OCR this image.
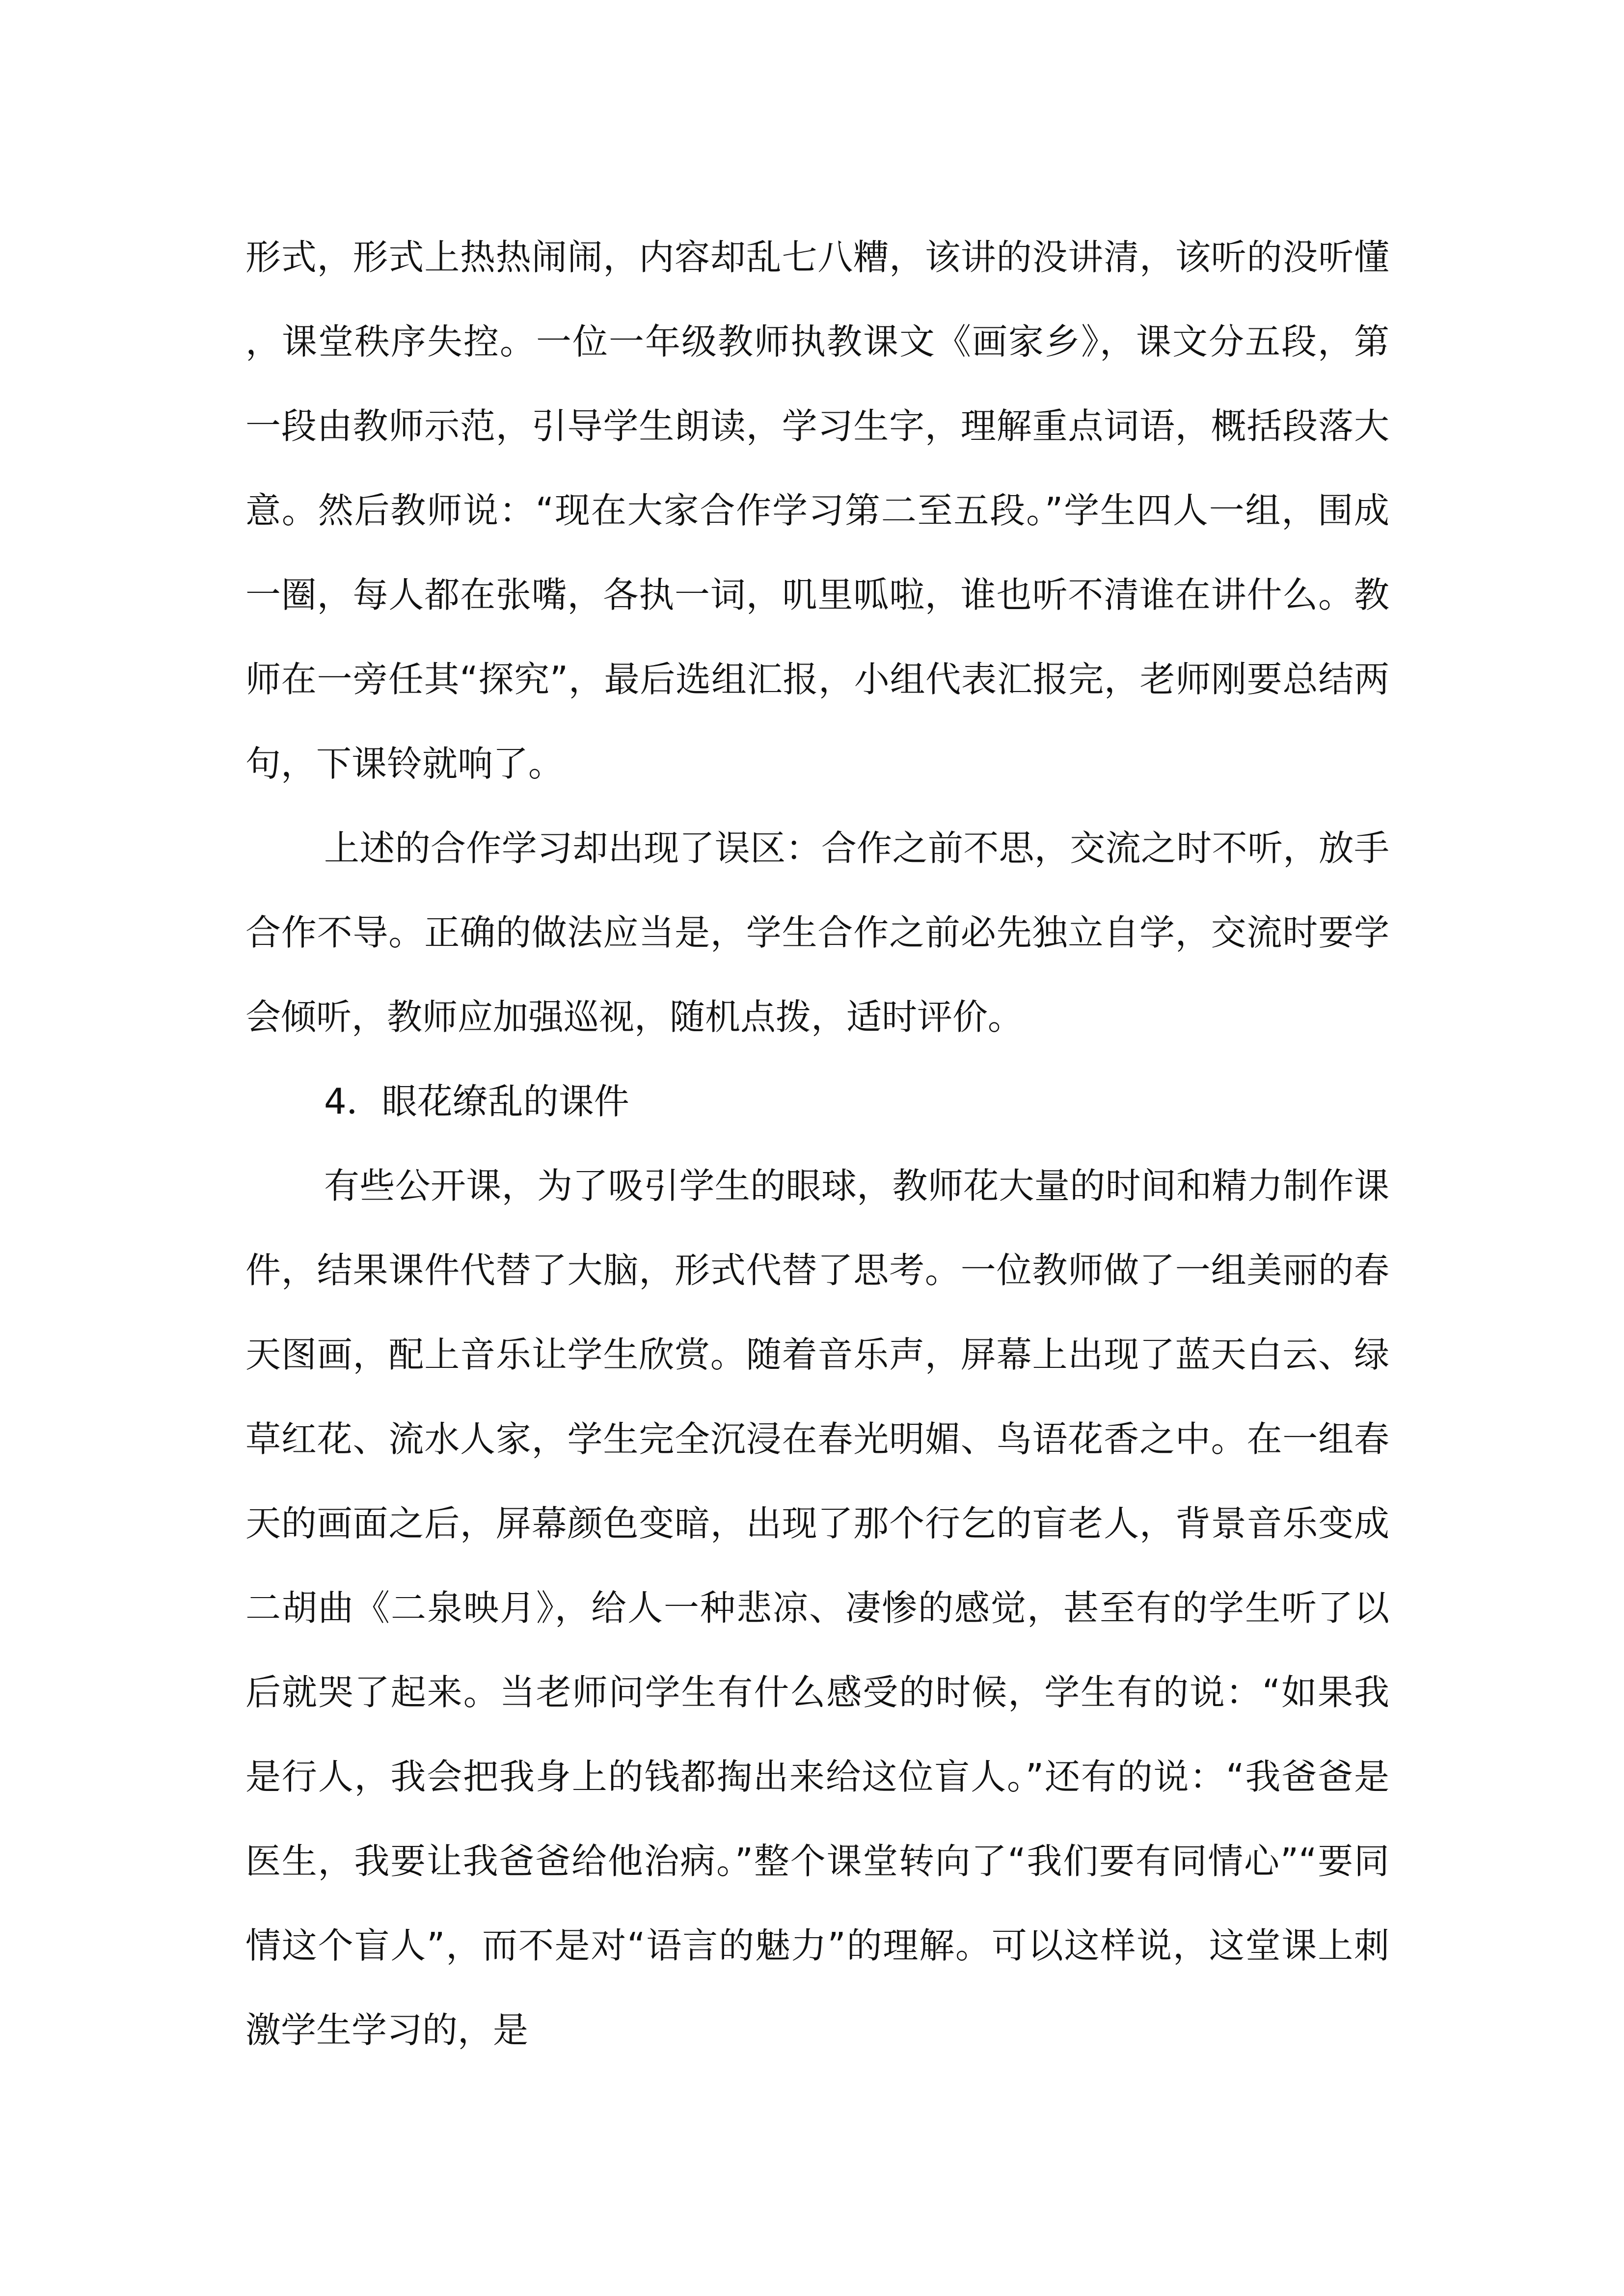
形式，形式上热热闹闹，内容却乱七八糟，该讲的没讲清，该听的没听懂，课堂秩序失控。一位一年级教师执教课文《画家乡》，课文分五段，第一段由教师示范，引导学生朗读，学习生字，理解重点词语，概括段落大意。然后教师说：“现在大家合作学习第二至五段。”学生四人一组，围成一圈，每人都在张嘴，各执一词，叽里呱啦，谁也听不清谁在讲什么。教师在一旁任其“探究”，最后选组汇报，小组代表汇报完，老师刚要总结两句，下课铃就响了。

上述的合作学习却出现了误区：合作之前不思，交流之时不听，放手合作不导。正确的做法应当是，学生合作之前必先独立自学，交流时要学会倾听，教师应加强巡视，随机点拨，适时评价。

4．眼花缭乱的课件

有些公开课，为了吸引学生的眼球，教师花大量的时间和精力制作课件，结果课件代替了大脑，形式代替了思考。一位教师做了一组美丽的春天图画，配上音乐让学生欣赏。随着音乐声，屏幕上出现了蓝天白云、绿草红花、流水人家，学生完全沉浸在春光明媚、鸟语花香之中。在一组春天的画面之后，屏幕颜色变暗，出现了那个行乞的盲老人，背景音乐变成二胡曲《二泉映月》，给人一种悲凉、凄惨的感觉，甚至有的学生听了以后就哭了起来。当老师问学生有什么感受的时候，学生有的说：“如果我是行人，我会把我身上的钱都掏出来给这位盲人。”还有的说：“我爸爸是医生，我要让我爸爸给他治病。”整个课堂转向了“我们要有同情心”“要同情这个盲人”，而不是对“语言的魅力”的理解。可以这样说，这堂课上刺激学生学习的，是
